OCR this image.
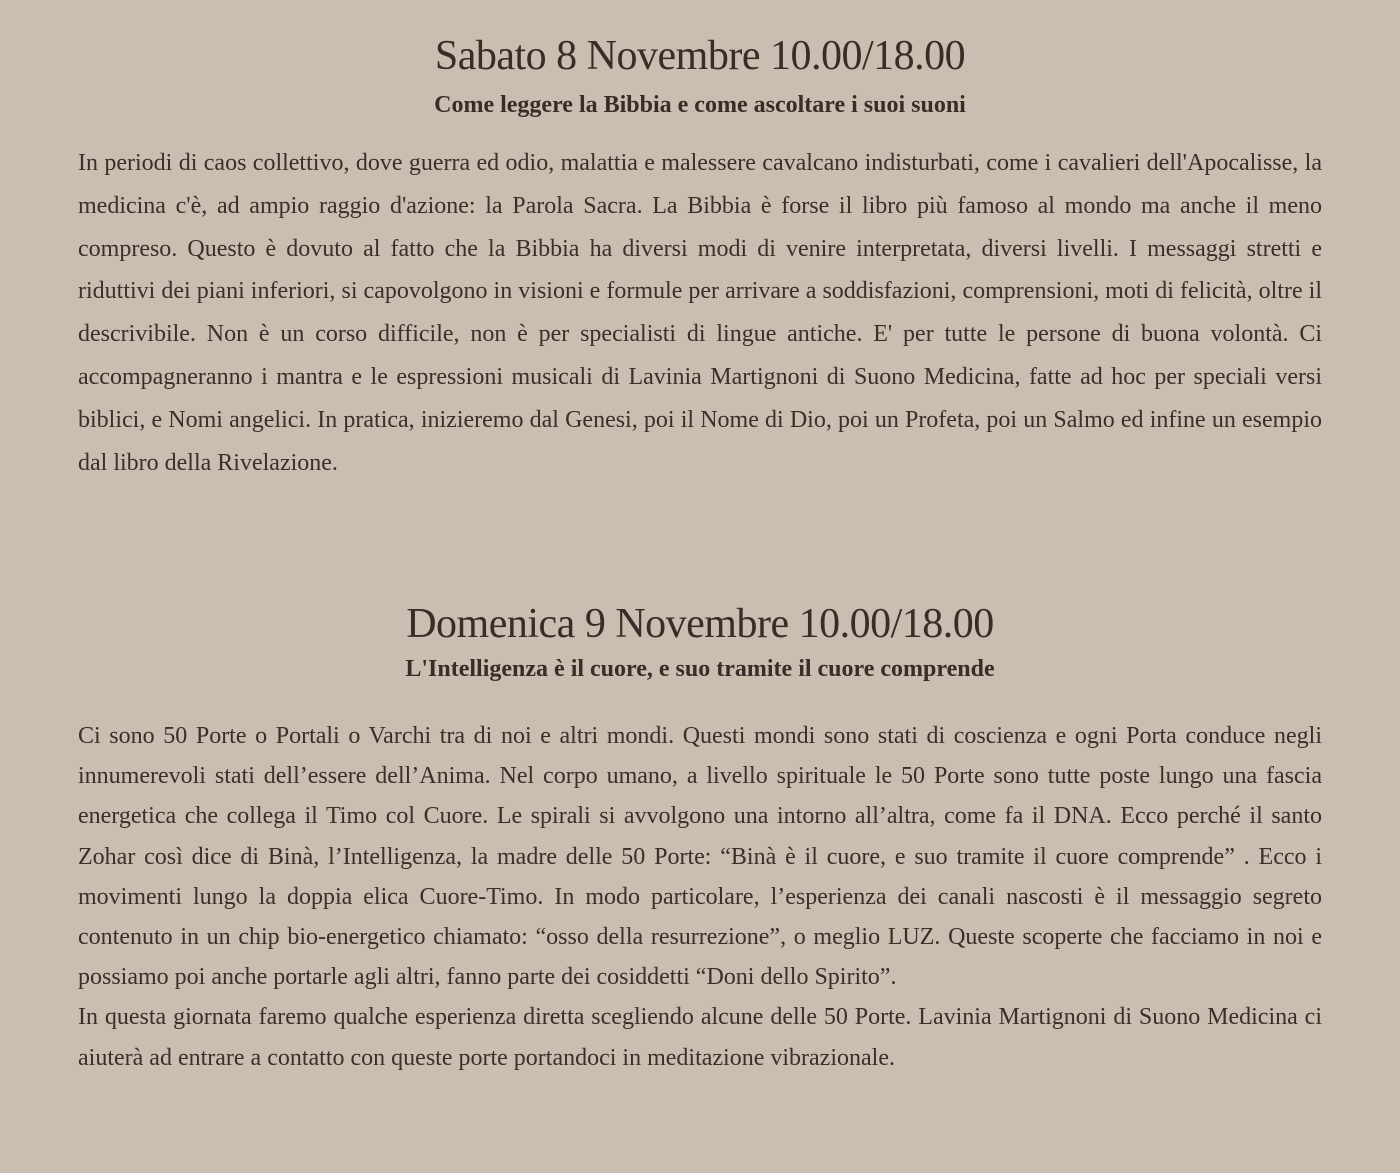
Sabato 8 Novembre 10.00/18.00
Come leggere la Bibbia e come ascoltare i suoi suoni

In periodi di caos collettivo, dove guerra ed odio, malattia e malessere cavalcano indisturbati, come i cavalieri dell'Apocalisse, la medicina c'è, ad ampio raggio d'azione: la Parola Sacra. La Bibbia è forse il libro più famoso al mondo ma anche il meno compreso. Questo è dovuto al fatto che la Bibbia ha diversi modi di venire interpretata, diversi livelli. I messaggi stretti e riduttivi dei piani inferiori, si capovolgono in visioni e formule per arrivare a soddisfazioni, comprensioni, moti di felicità, oltre il descrivibile. Non è un corso difficile, non è per specialisti di lingue antiche. E' per tutte le persone di buona volontà. Ci accompagneranno i mantra e le espressioni musicali di Lavinia Martignoni di Suono Medicina, fatte ad hoc per speciali versi biblici, e Nomi angelici. In pratica, inizieremo dal Genesi, poi il Nome di Dio, poi un Profeta, poi un Salmo ed infine un esempio dal libro della Rivelazione.

Domenica 9 Novembre 10.00/18.00
L'Intelligenza è il cuore, e suo tramite il cuore comprende

Ci sono 50 Porte o Portali o Varchi tra di noi e altri mondi. Questi mondi sono stati di coscienza e ogni Porta conduce negli innumerevoli stati dell’essere dell’Anima. Nel corpo umano, a livello spirituale le 50 Porte sono tutte poste lungo una fascia energetica che collega il Timo col Cuore. Le spirali si avvolgono una intorno all’altra, come fa il DNA. Ecco perché il santo Zohar così dice di Binà, l’Intelligenza, la madre delle 50 Porte: “Binà è il cuore, e suo tramite il cuore comprende” . Ecco i movimenti lungo la doppia elica Cuore-Timo. In modo particolare, l’esperienza dei canali nascosti è il messaggio segreto contenuto in un chip bio-energetico chiamato: “osso della resurrezione”, o meglio LUZ. Queste scoperte che facciamo in noi e possiamo poi anche portarle agli altri, fanno parte dei cosiddetti “Doni dello Spirito”.

In questa giornata faremo qualche esperienza diretta scegliendo alcune delle 50 Porte. Lavinia Martignoni di Suono Medicina ci aiuterà ad entrare a contatto con queste porte portandoci in meditazione vibrazionale.
